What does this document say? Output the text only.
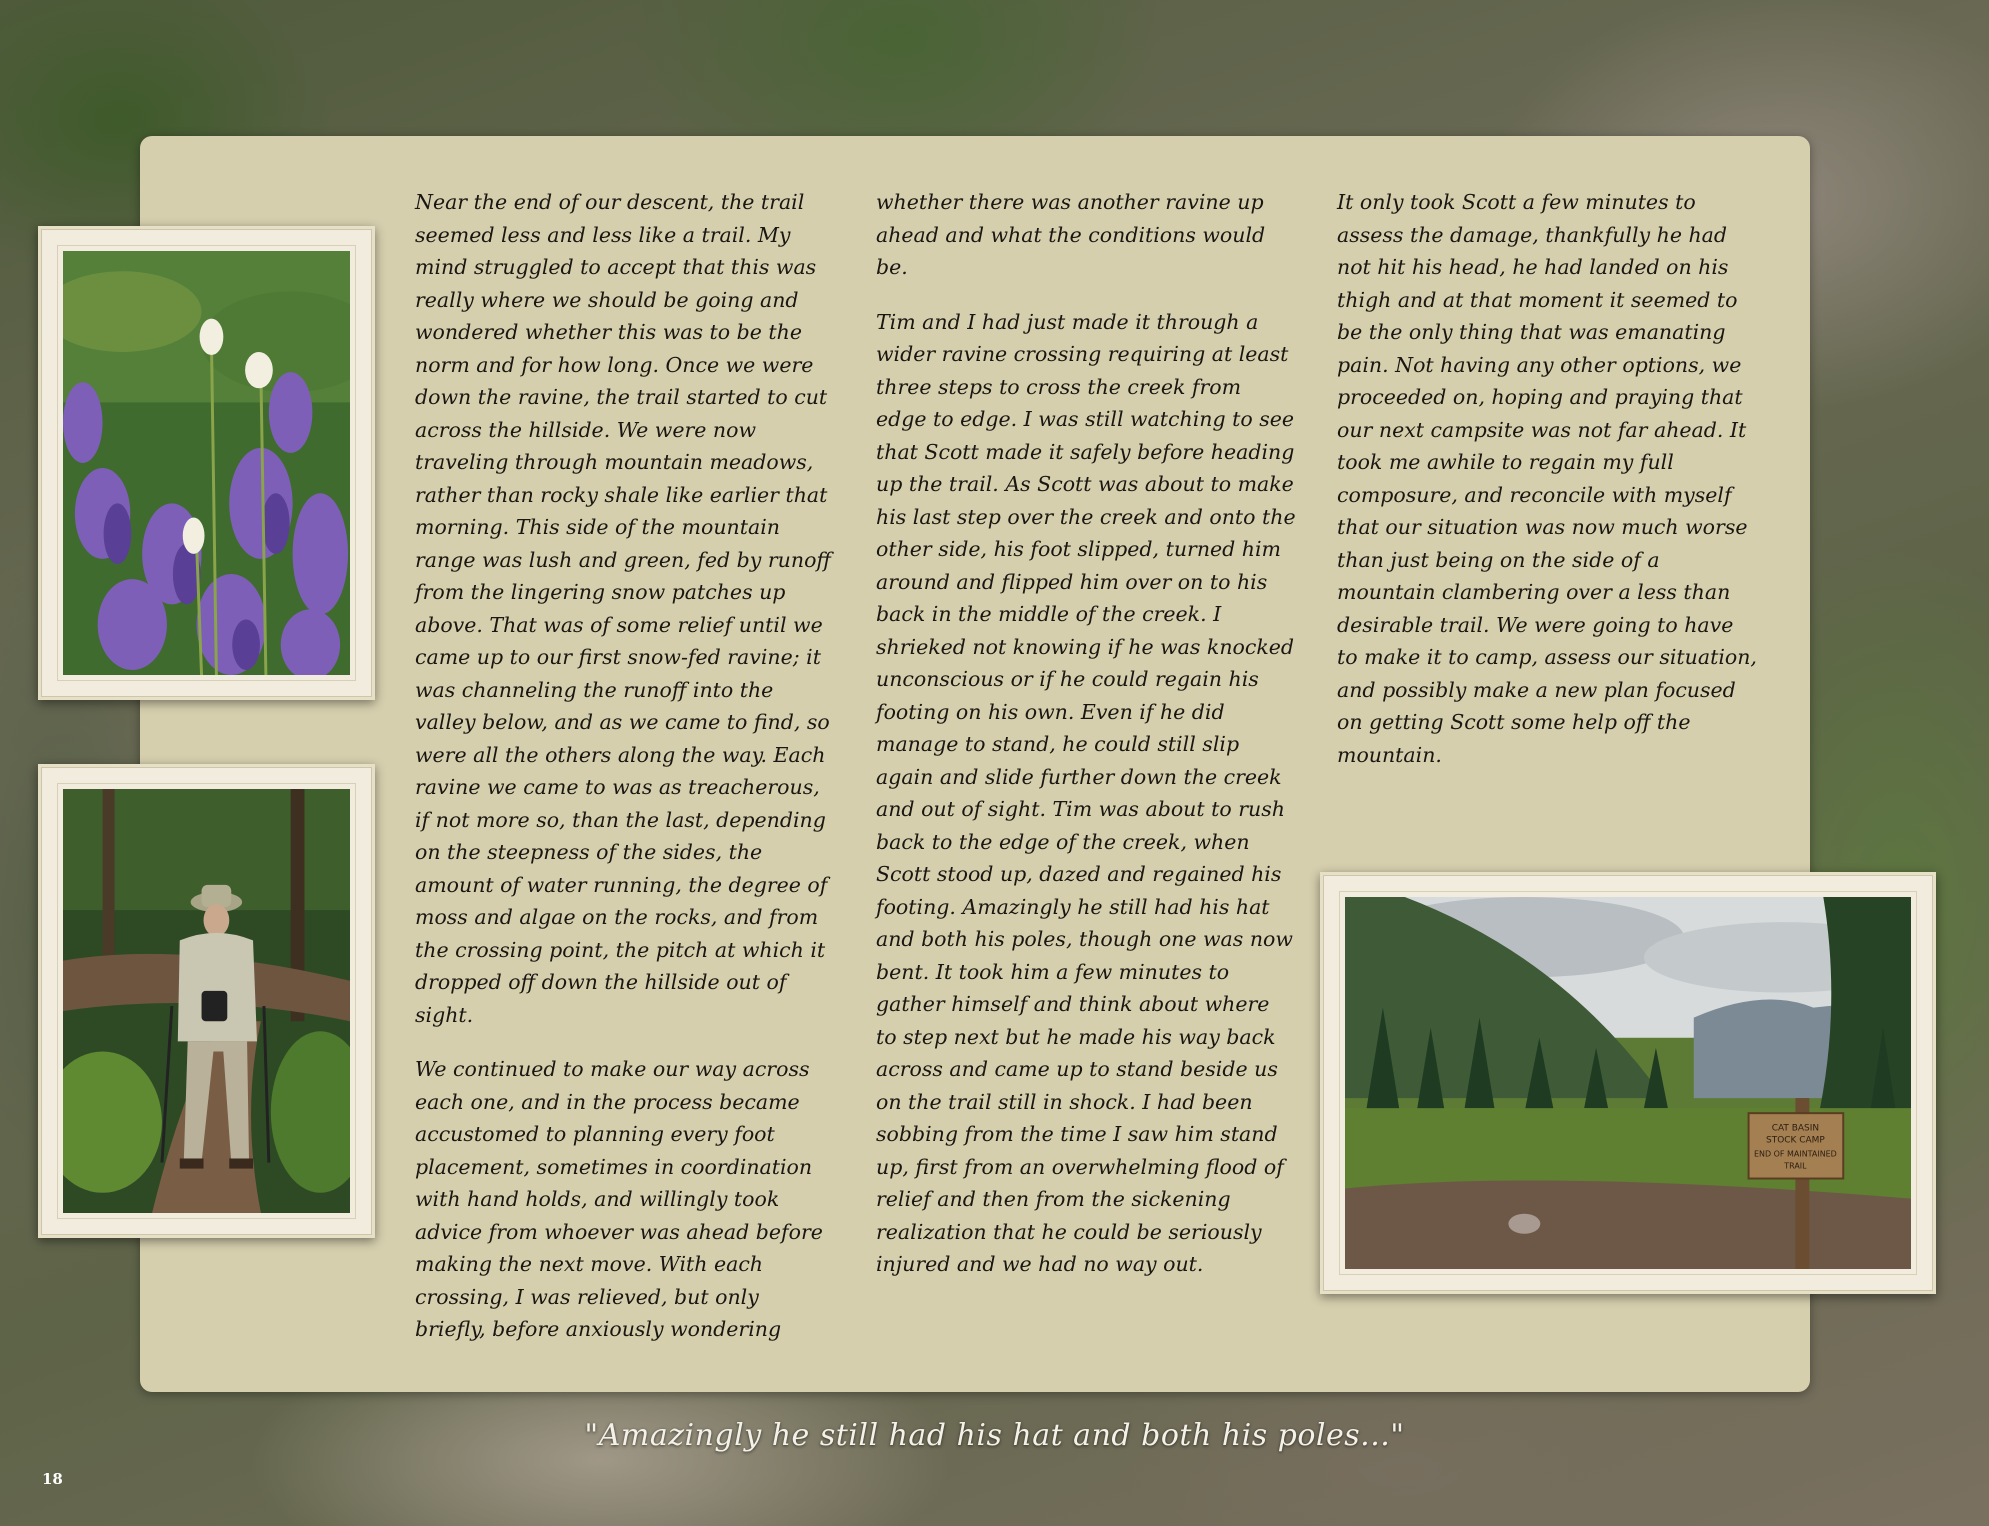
CAT BASIN
STOCK CAMP
END OF MAINTAINED
TRAIL

Near the end of our descent, the trail seemed less and less like a trail. My mind struggled to accept that this was really where we should be going and wondered whether this was to be the norm and for how long. Once we were down the ravine, the trail started to cut across the hillside. We were now traveling through mountain meadows, rather than rocky shale like earlier that morning. This side of the mountain range was lush and green, fed by runoff from the lingering snow patches up above. That was of some relief until we came up to our first snow-fed ravine; it was channeling the runoff into the valley below, and as we came to find, so were all the others along the way. Each ravine we came to was as treacherous, if not more so, than the last, depending on the steepness of the sides, the amount of water running, the degree of moss and algae on the rocks, and from the crossing point, the pitch at which it dropped off down the hillside out of sight.

We continued to make our way across each one, and in the process became accustomed to planning every foot placement, sometimes in coordination with hand holds, and willingly took advice from whoever was ahead before making the next move. With each crossing, I was relieved, but only briefly, before anxiously wondering

whether there was another ravine up ahead and what the conditions would be.

Tim and I had just made it through a wider ravine crossing requiring at least three steps to cross the creek from edge to edge. I was still watching to see that Scott made it safely before heading up the trail. As Scott was about to make his last step over the creek and onto the other side, his foot slipped, turned him around and flipped him over on to his back in the middle of the creek. I shrieked not knowing if he was knocked unconscious or if he could regain his footing on his own. Even if he did manage to stand, he could still slip again and slide further down the creek and out of sight. Tim was about to rush back to the edge of the creek, when Scott stood up, dazed and regained his footing. Amazingly he still had his hat and both his poles, though one was now bent. It took him a few minutes to gather himself and think about where to step next but he made his way back across and came up to stand beside us on the trail still in shock. I had been sobbing from the time I saw him stand up, first from an overwhelming flood of relief and then from the sickening realization that he could be seriously injured and we had no way out.

It only took Scott a few minutes to assess the damage, thankfully he had not hit his head, he had landed on his thigh and at that moment it seemed to be the only thing that was emanating pain. Not having any other options, we proceeded on, hoping and praying that our next campsite was not far ahead. It took me awhile to regain my full composure, and reconcile with myself that our situation was now much worse than just being on the side of a mountain clambering over a less than desirable trail. We were going to have to make it to camp, assess our situation, and possibly make a new plan focused on getting Scott some help off the mountain.

"Amazingly he still had his hat and both his poles..."
18
